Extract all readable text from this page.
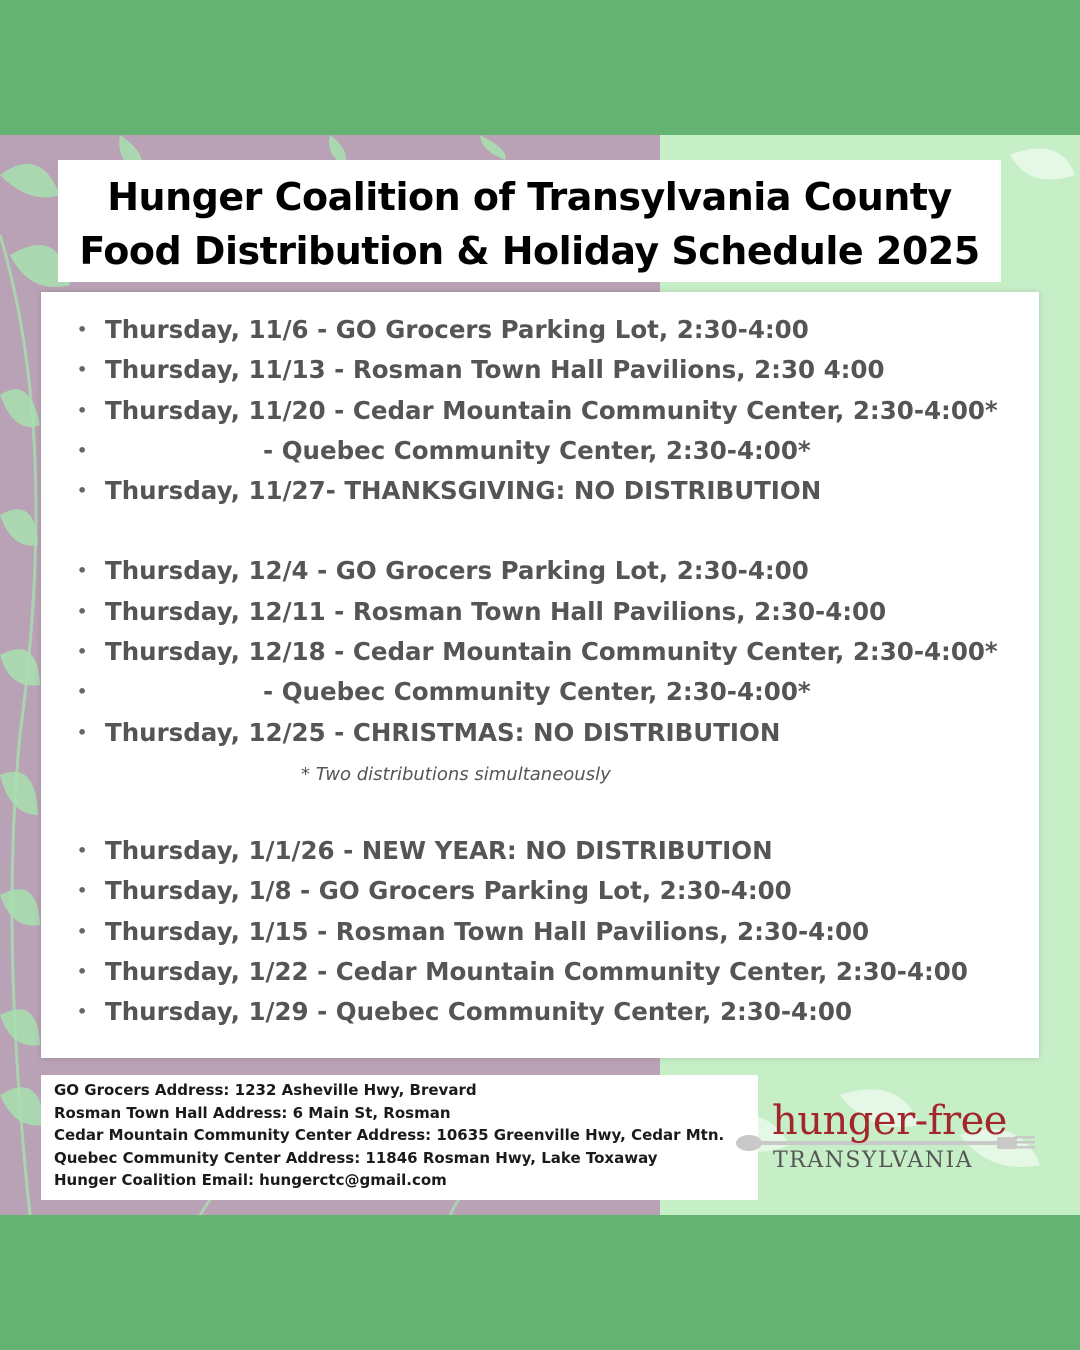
Hunger Coalition of Transylvania County
Food Distribution & Holiday Schedule 2025
• Thursday, 11/6 - GO Grocers Parking Lot, 2:30-4:00
• Thursday, 11/13 - Rosman Town Hall Pavilions, 2:30 4:00
• Thursday, 11/20 - Cedar Mountain Community Center, 2:30-4:00*
•	- Quebec Community Center, 2:30-4:00*
• Thursday, 11/27- THANKSGIVING: NO DISTRIBUTION
• Thursday, 12/4 - GO Grocers Parking Lot, 2:30-4:00
• Thursday, 12/11 - Rosman Town Hall Pavilions, 2:30-4:00
• Thursday, 12/18 - Cedar Mountain Community Center, 2:30-4:00*
•	- Quebec Community Center, 2:30-4:00*
• Thursday, 12/25 - CHRISTMAS: NO DISTRIBUTION
* Two distributions simultaneously
• Thursday, 1/1/26 - NEW YEAR: NO DISTRIBUTION
• Thursday, 1/8 - GO Grocers Parking Lot, 2:30-4:00
• Thursday, 1/15 - Rosman Town Hall Pavilions, 2:30-4:00
• Thursday, 1/22 - Cedar Mountain Community Center, 2:30-4:00
• Thursday, 1/29 - Quebec Community Center, 2:30-4:00
GO Grocers Address: 1232 Asheville Hwy, Brevard
Rosman Town Hall Address: 6 Main St, Rosman
Cedar Mountain Community Center Address: 10635 Greenville Hwy, Cedar Mtn.
Quebec Community Center Address: 11846 Rosman Hwy, Lake Toxaway
Hunger Coalition Email: hungerctc@gmail.com
hunger-free
TRANSYLVANIA
